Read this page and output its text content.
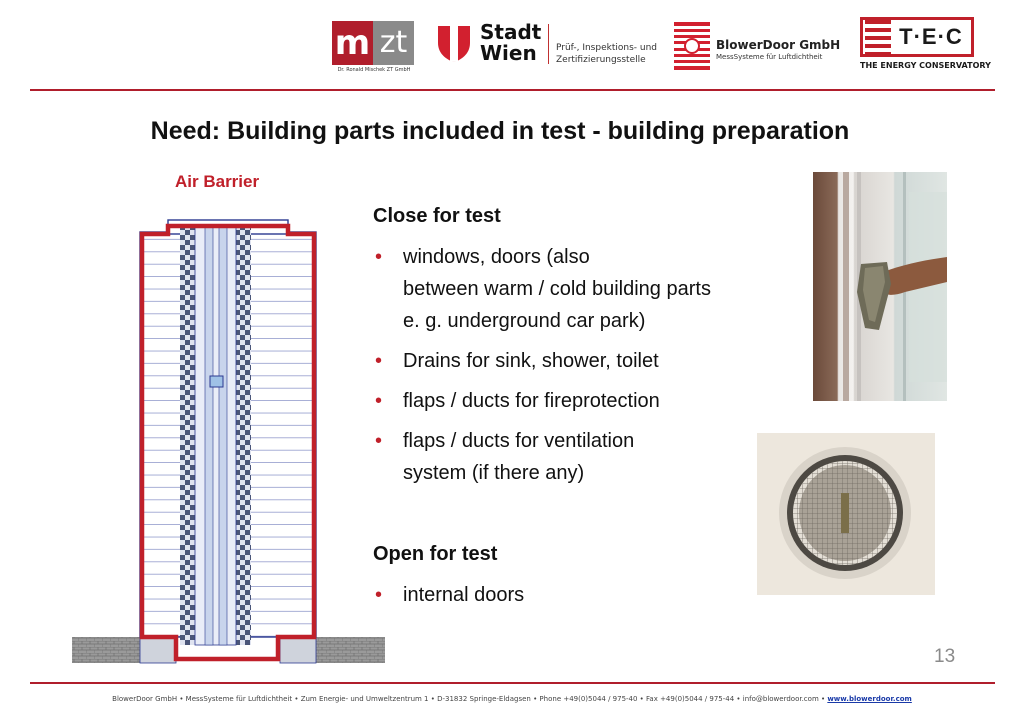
m zt
Dr. Ronald Mischek ZT GmbH
Stadt
Wien	Prüf-, Inspektions- und
Zertifizierungsstelle
BlowerDoor GmbH
MessSysteme für Luftdichtheit
T·E·C
THE ENERGY CONSERVATORY
Need: Building parts included in test - building preparation
Air Barrier
Close for test
• windows, doors (also
between warm / cold building parts
e. g. underground car park)
• Drains for sink, shower, toilet
• flaps / ducts for fireprotection
• flaps / ducts for ventilation
system (if there any)
Open for test
• internal doors
13
BlowerDoor GmbH • MessSysteme für Luftdichtheit • Zum Energie- und Umweltzentrum 1 • D-31832 Springe-Eldagsen • Phone +49(0)5044 / 975-40 • Fax +49(0)5044 / 975-44 • info@blowerdoor.com • www.blowerdoor.com
